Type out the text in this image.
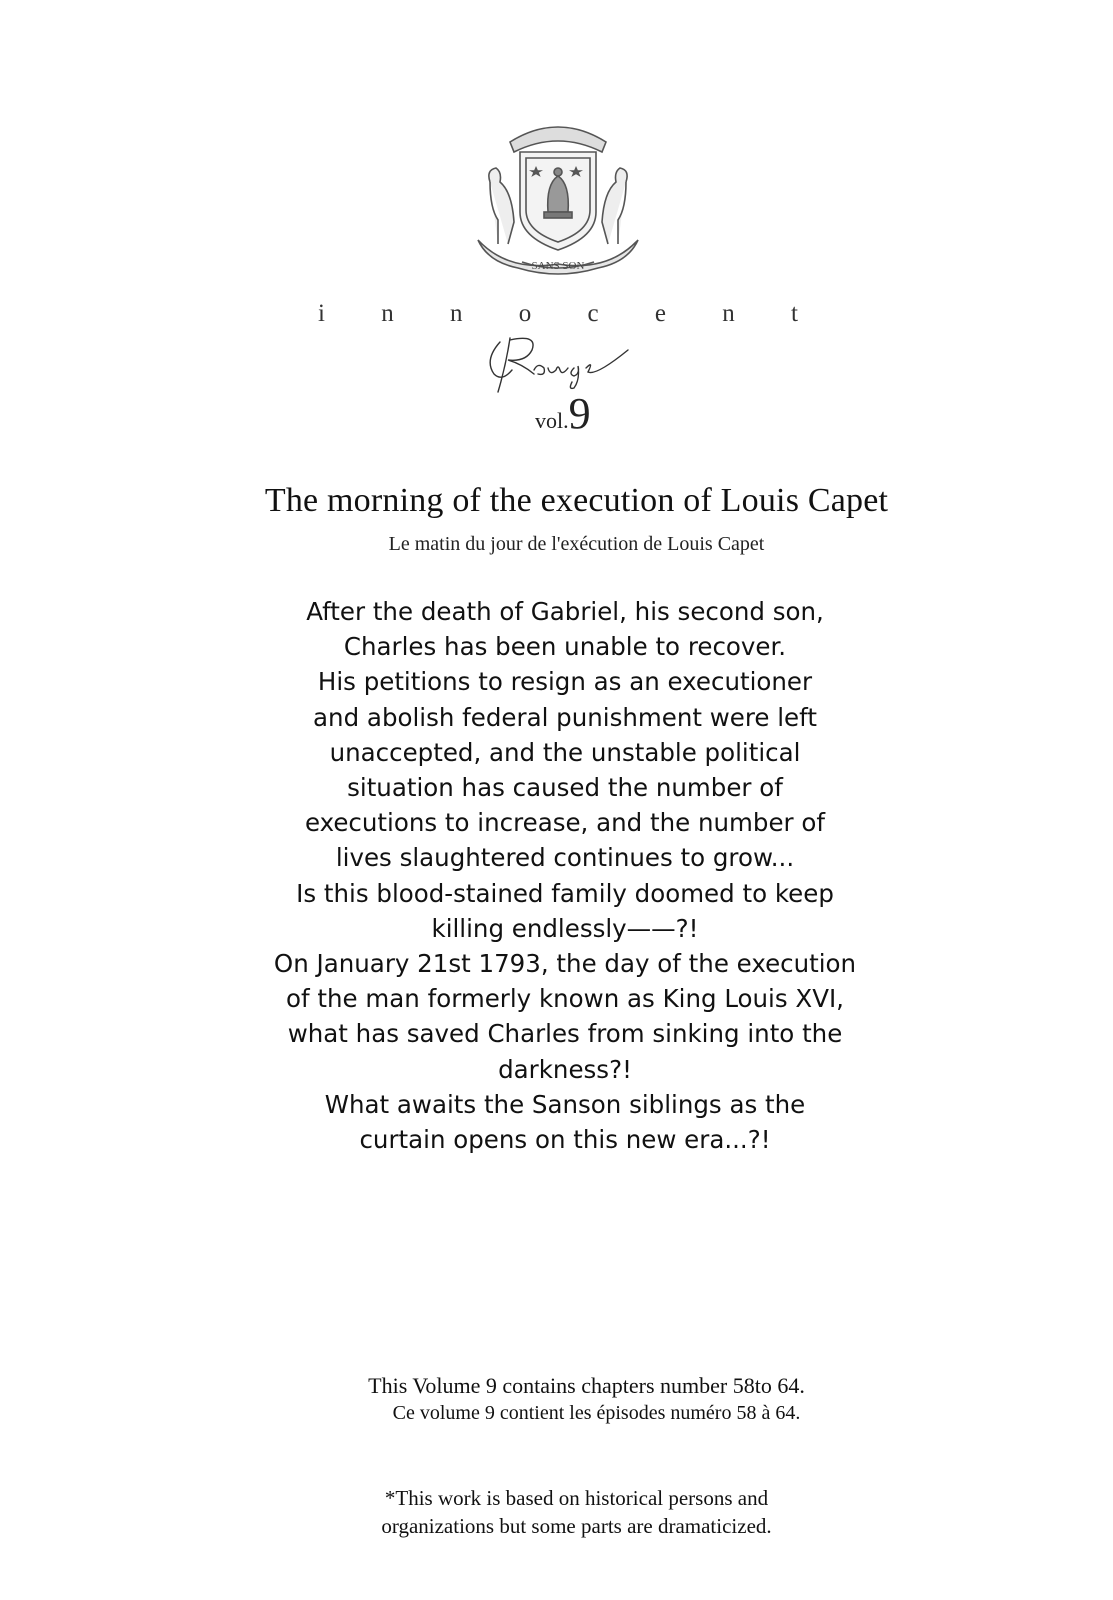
SANS SON
i n n o c e n t
vol.9
The morning of the execution of Louis Capet
Le matin du jour de l'exécution de Louis Capet
After the death of Gabriel, his second son,
Charles has been unable to recover.
His petitions to resign as an executioner
and abolish federal punishment were left
unaccepted, and the unstable political
situation has caused the number of
executions to increase, and the number of
lives slaughtered continues to grow...
Is this blood-stained family doomed to keep
killing endlessly——?!
On January 21st 1793, the day of the execution
of the man formerly known as King Louis XVI,
what has saved Charles from sinking into the
darkness?!
What awaits the Sanson siblings as the
curtain opens on this new era...?!
This Volume 9 contains chapters number 58to 64.
Ce volume 9 contient les épisodes numéro 58 à 64.
*This work is based on historical persons and
organizations but some parts are dramaticized.
